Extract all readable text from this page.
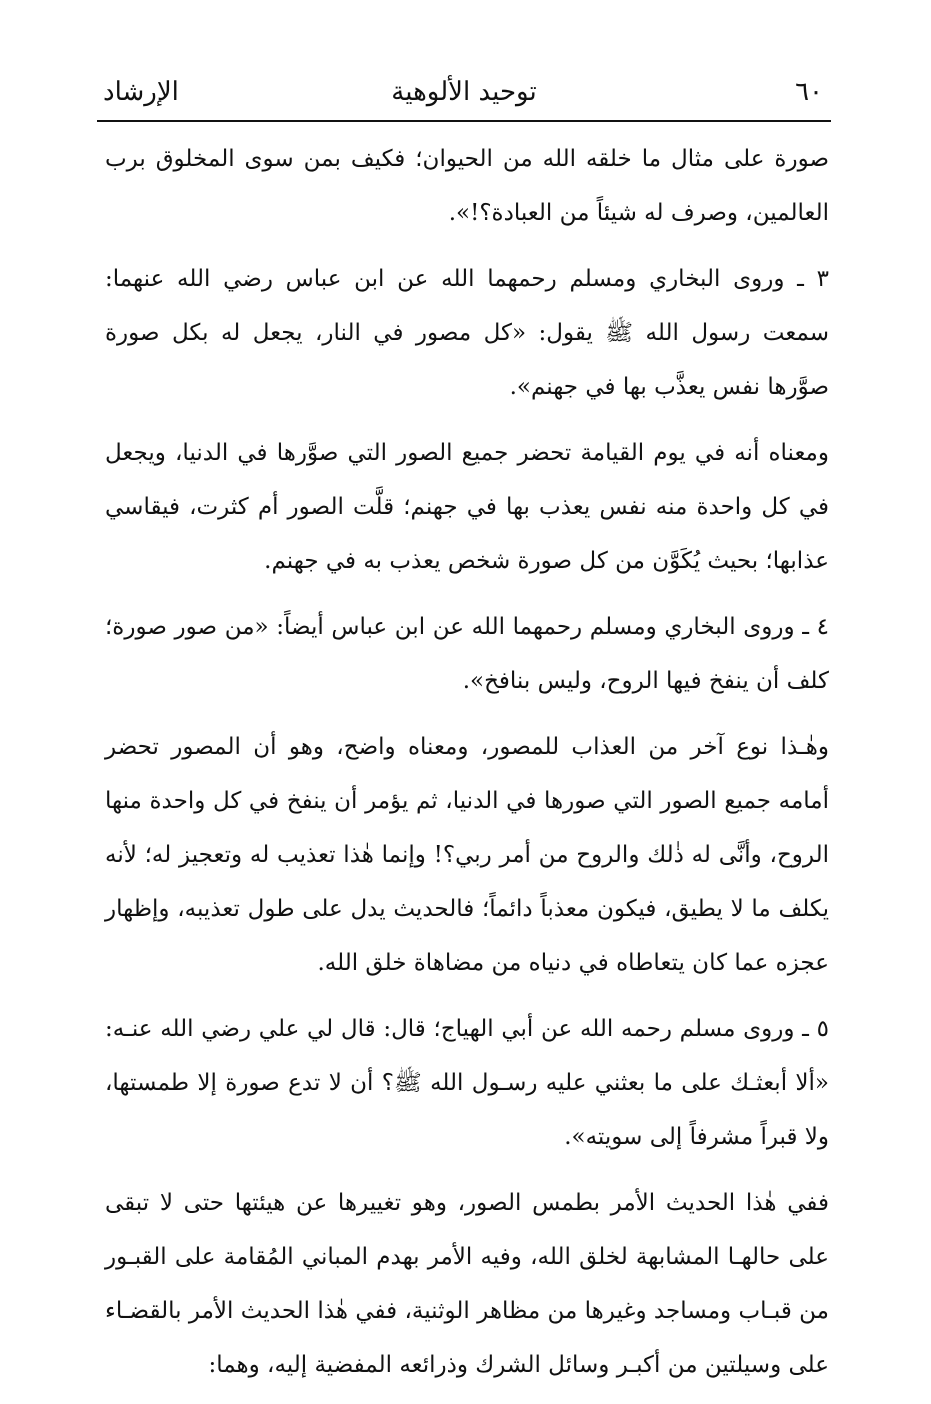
٦٠
توحيد الألوهية
الإرشاد

صورة على مثال ما خلقه الله من الحيوان؛ فكيف بمن سوى المخلوق برب العالمين، وصرف له شيئاً من العبادة؟!».

٣ ـ وروى البخاري ومسلم رحمهما الله عن ابن عباس رضي الله عنهما: سمعت رسول الله ﷺ يقول: «كل مصور في النار، يجعل له بكل صورة صوَّرها نفس يعذَّب بها في جهنم».

ومعناه أنه في يوم القيامة تحضر جميع الصور التي صوَّرها في الدنيا، ويجعل في كل واحدة منه نفس يعذب بها في جهنم؛ قلَّت الصور أم كثرت، فيقاسي عذابها؛ بحيث يُكَوَّن من كل صورة شخص يعذب به في جهنم.

٤ ـ وروى البخاري ومسلم رحمهما الله عن ابن عباس أيضاً: «من صور صورة؛ كلف أن ينفخ فيها الروح، وليس بنافخ».

وهٰـذا نوع آخر من العذاب للمصور، ومعناه واضح، وهو أن المصور تحضر أمامه جميع الصور التي صورها في الدنيا، ثم يؤمر أن ينفخ في كل واحدة منها الروح، وأنَّى له ذٰلك والروح من أمر ربي؟! وإنما هٰذا تعذيب له وتعجيز له؛ لأنه يكلف ما لا يطيق، فيكون معذباً دائماً؛ فالحديث يدل على طول تعذيبه، وإظهار عجزه عما كان يتعاطاه في دنياه من مضاهاة خلق الله.

٥ ـ وروى مسلم رحمه الله عن أبي الهياج؛ قال: قال لي علي رضي الله عنـه: «ألا أبعثـك على ما بعثني عليه رسـول الله ﷺ؟ أن لا تدع صورة إلا طمستها، ولا قبراً مشرفاً إلى سويته».

ففي هٰذا الحديث الأمر بطمس الصور، وهو تغييرها عن هيئتها حتى لا تبقى على حالهـا المشابهة لخلق الله، وفيه الأمر بهدم المباني المُقامة على القبـور من قبـاب ومساجد وغيرها من مظاهر الوثنية، ففي هٰذا الحديث الأمر بالقضـاء على وسيلتين من أكبـر وسائل الشرك وذرائعه المفضية إليه، وهما:
